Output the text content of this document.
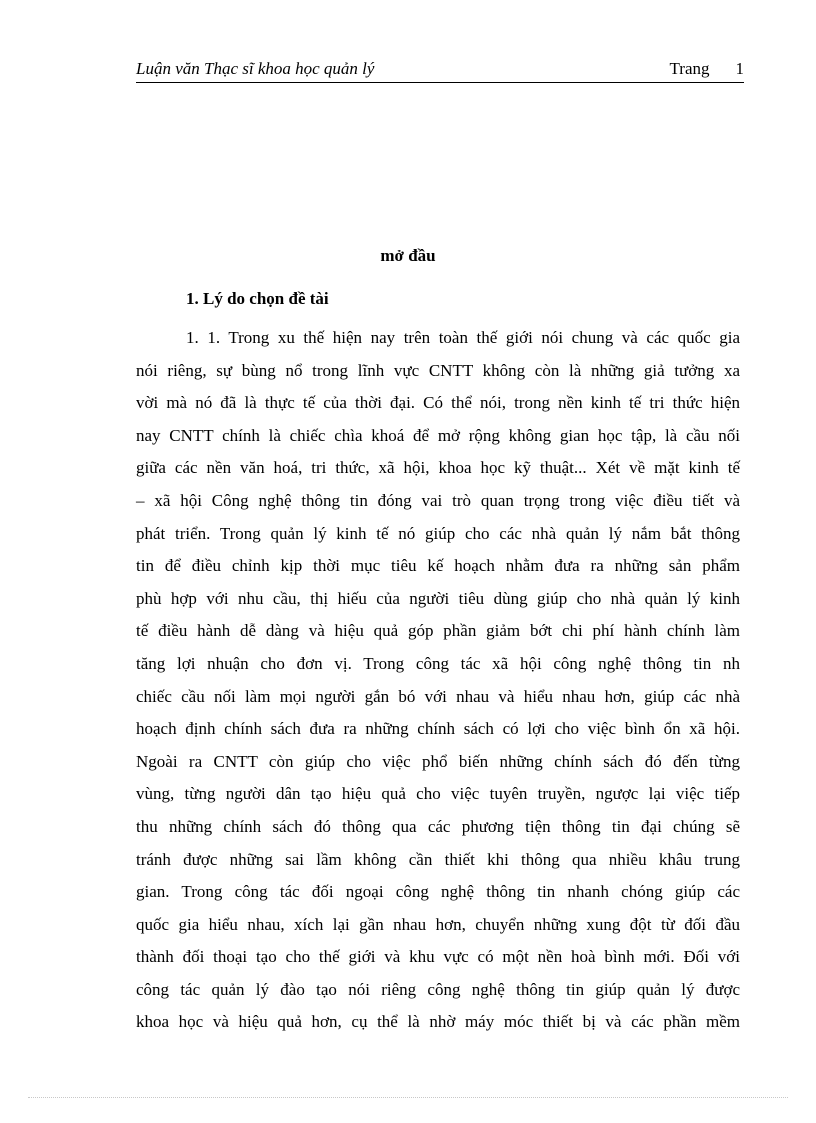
Luận văn Thạc sĩ khoa học quản lý	Trang 1
mở đầu
1. Lý do chọn đề tài
1. 1. Trong xu thế hiện nay trên toàn thế giới nói chung và các quốc gia
nói riêng, sự bùng nổ trong lĩnh vực CNTT không còn là những giả tưởng xa
vời mà nó đã là thực tế của thời đại. Có thể nói, trong nền kinh tế tri thức hiện
nay CNTT chính là chiếc chìa khoá để mở rộng không gian học tập, là cầu nối
giữa các nền văn hoá, tri thức, xã hội, khoa học kỹ thuật... Xét về mặt kinh tế
– xã hội Công nghệ thông tin đóng vai trò quan trọng trong việc điều tiết và
phát triển. Trong quản lý kinh tế nó giúp cho các nhà quản lý nắm bắt thông
tin để điều chỉnh kịp thời mục tiêu kế hoạch nhằm đưa ra những sản phẩm
phù hợp với nhu cầu, thị hiếu của người tiêu dùng giúp cho nhà quản lý kinh
tế điều hành dễ dàng và hiệu quả góp phần giảm bớt chi phí hành chính làm
tăng lợi nhuận cho đơn vị. Trong công tác xã hội công nghệ thông tin nh
chiếc cầu nối làm mọi người gắn bó với nhau và hiểu nhau hơn, giúp các nhà
hoạch định chính sách đưa ra những chính sách có lợi cho việc bình ổn xã hội.
Ngoài ra CNTT còn giúp cho việc phổ biến những chính sách đó đến từng
vùng, từng người dân tạo hiệu quả cho việc tuyên truyền, ngược lại việc tiếp
thu những chính sách đó thông qua các phương tiện thông tin đại chúng sẽ
tránh được những sai lầm không cần thiết khi thông qua nhiều khâu trung
gian. Trong công tác đối ngoại công nghệ thông tin nhanh chóng giúp các
quốc gia hiểu nhau, xích lại gần nhau hơn, chuyển những xung đột từ đối đầu
thành đối thoại tạo cho thế giới và khu vực có một nền hoà bình mới. Đối với
công tác quản lý đào tạo nói riêng công nghệ thông tin giúp quản lý được
khoa học và hiệu quả hơn, cụ thể là nhờ máy móc thiết bị và các phần mềm
